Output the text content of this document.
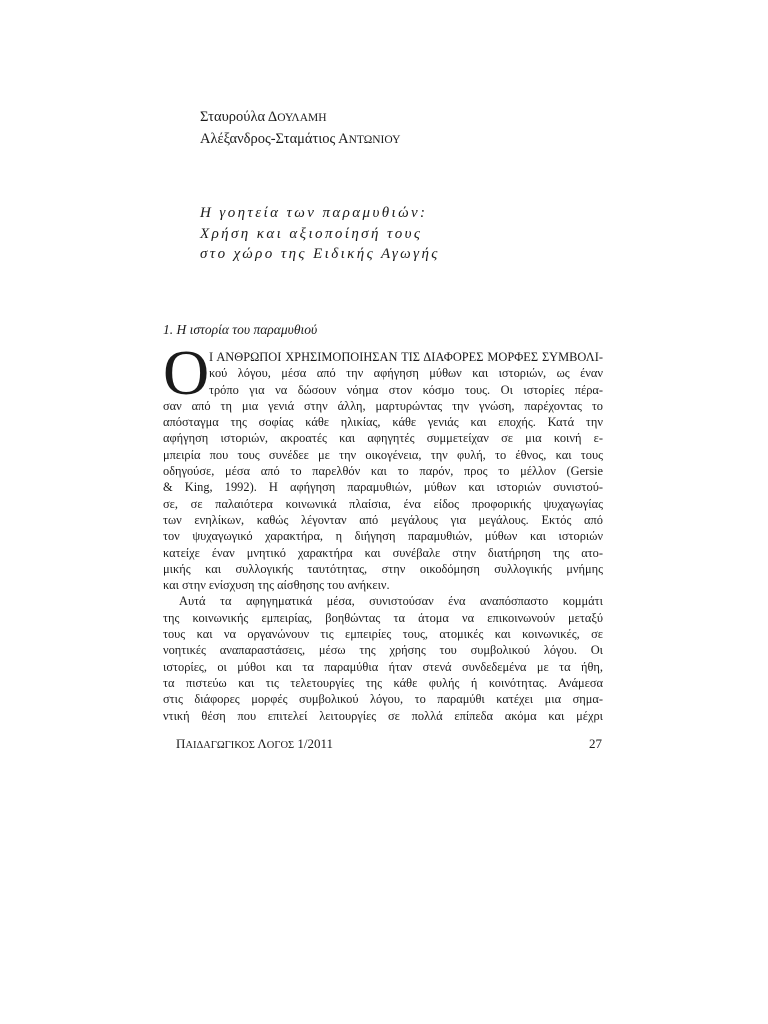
Σταυρούλα ΔΟΥΛΑΜΗ
Αλέξανδρος-Σταμάτιος ΑΝΤΩΝΙΟΥ
Η γοητεία των παραμυθιών:
Χρήση και αξιοποίησή τους
στο χώρο της Ειδικής Αγωγής
1. Η ιστορία του παραμυθιού
Ο Ι ΑΝΘΡΩΠΟΙ ΧΡΗΣΙΜΟΠΟΙΗΣΑΝ ΤΙΣ ΔΙΑΦΟΡΕΣ ΜΟΡΦΕΣ ΣΥΜΒΟΛΙ-
κού λόγου, μέσα από την αφήγηση μύθων και ιστοριών, ως έναν
τρόπο για να δώσουν νόημα στον κόσμο τους. Οι ιστορίες πέρα-
σαν από τη μια γενιά στην άλλη, μαρτυρώντας την γνώση, παρέχοντας το
απόσταγμα της σοφίας κάθε ηλικίας, κάθε γενιάς και εποχής. Κατά την
αφήγηση ιστοριών, ακροατές και αφηγητές συμμετείχαν σε μια κοινή ε-
μπειρία που τους συνέδεε με την οικογένεια, την φυλή, το έθνος, και τους
οδηγούσε, μέσα από το παρελθόν και το παρόν, προς το μέλλον (Gersie
& King, 1992). Η αφήγηση παραμυθιών, μύθων και ιστοριών συνιστού-
σε, σε παλαιότερα κοινωνικά πλαίσια, ένα είδος προφορικής ψυχαγωγίας
των ενηλίκων, καθώς λέγονταν από μεγάλους για μεγάλους. Εκτός από
τον ψυχαγωγικό χαρακτήρα, η διήγηση παραμυθιών, μύθων και ιστοριών
κατείχε έναν μνητικό χαρακτήρα και συνέβαλε στην διατήρηση της ατο-
μικής και συλλογικής ταυτότητας, στην οικοδόμηση συλλογικής μνήμης
και στην ενίσχυση της αίσθησης του ανήκειν.
Αυτά τα αφηγηματικά μέσα, συνιστούσαν ένα αναπόσπαστο κομμάτι
της κοινωνικής εμπειρίας, βοηθώντας τα άτομα να επικοινωνούν μεταξύ
τους και να οργανώνουν τις εμπειρίες τους, ατομικές και κοινωνικές, σε
νοητικές αναπαραστάσεις, μέσω της χρήσης του συμβολικού λόγου. Οι
ιστορίες, οι μύθοι και τα παραμύθια ήταν στενά συνδεδεμένα με τα ήθη,
τα πιστεύω και τις τελετουργίες της κάθε φυλής ή κοινότητας. Ανάμεσα
στις διάφορες μορφές συμβολικού λόγου, το παραμύθι κατέχει μια σημα-
ντική θέση που επιτελεί λειτουργίες σε πολλά επίπεδα ακόμα και μέχρι
ΠΑΙΔΑΓΩΓΙΚΟΣ ΛΟΓΟΣ 1/2011	27
